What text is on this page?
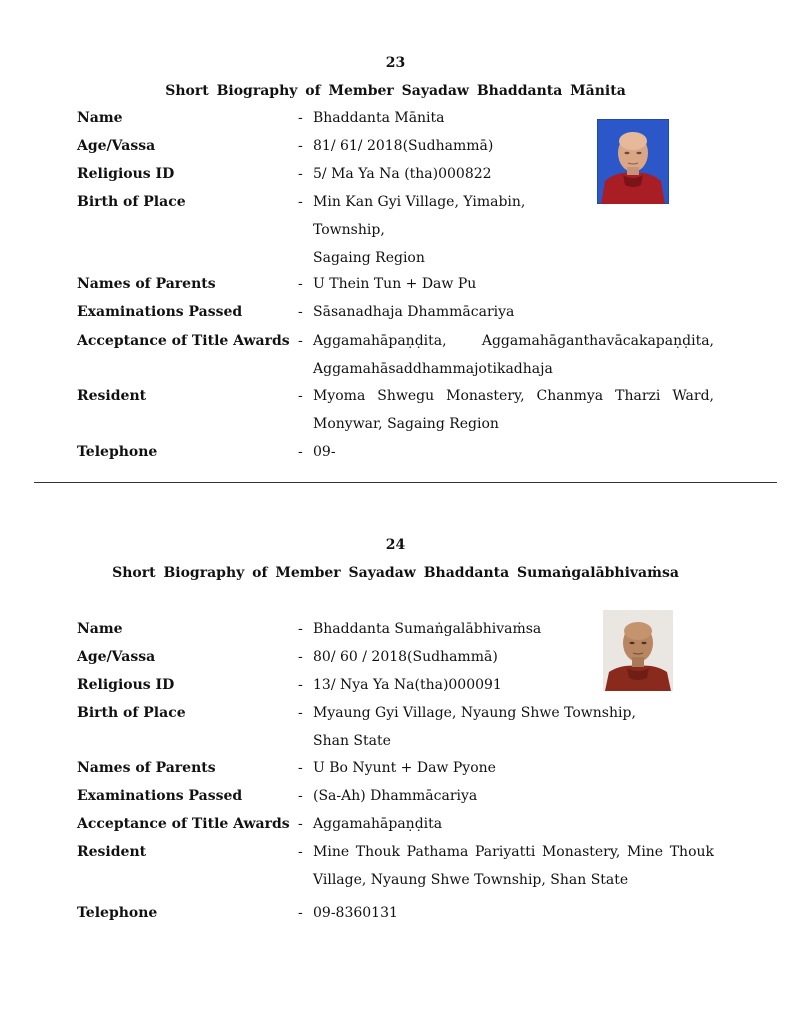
23
Short Biography of Member Sayadaw Bhaddanta Mānita
Name	- Bhaddanta Mānita
Age/Vassa	- 81/ 61/ 2018(Sudhammā)
Religious ID	- 5/ Ma Ya Na (tha)000822
Birth of Place	- Min Kan Gyi Village, Yimabin,
Township,
Sagaing Region
Names of Parents	- U Thein Tun + Daw Pu
Examinations Passed	- Sāsanadhaja Dhammācariya
Acceptance of Title Awards - Aggamahāpaṇḍita, Aggamahāganthavācakapaṇḍita,
Aggamahāsaddhammajotikadhaja
Resident	- Myoma Shwegu Monastery, Chanmya Tharzi Ward,
Monywar, Sagaing Region
Telephone	- 09-
24
Short Biography of Member Sayadaw Bhaddanta Sumaṅgalābhivaṁsa
Name	- Bhaddanta Sumaṅgalābhivaṁsa
Age/Vassa	- 80/ 60 / 2018(Sudhammā)
Religious ID	- 13/ Nya Ya Na(tha)000091
Birth of Place	- Myaung Gyi Village, Nyaung Shwe Township,
Shan State
Names of Parents	- U Bo Nyunt + Daw Pyone
Examinations Passed	- (Sa-Ah) Dhammācariya
Acceptance of Title Awards - Aggamahāpaṇḍita
Resident	- Mine Thouk Pathama Pariyatti Monastery, Mine Thouk
Village, Nyaung Shwe Township, Shan State
Telephone	- 09-8360131
